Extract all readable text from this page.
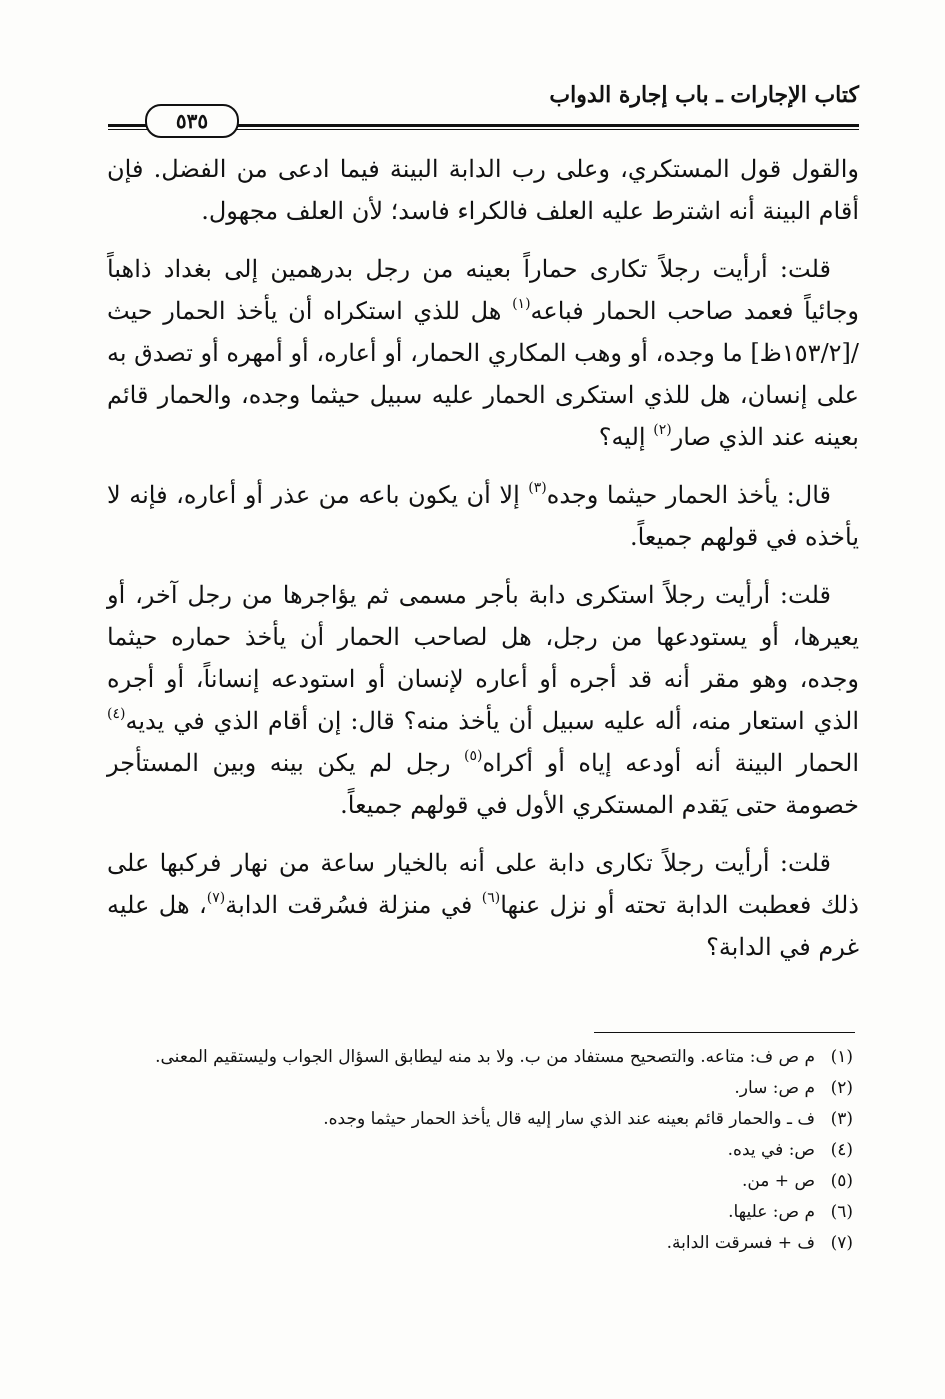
كتاب الإجارات ـ باب إجارة الدواب
٥٣٥

والقول قول المستكري، وعلى رب الدابة البينة فيما ادعى من الفضل. فإن أقام البينة أنه اشترط عليه العلف فالكراء فاسد؛ لأن العلف مجهول.

قلت: أرأيت رجلاً تكارى حماراً بعينه من رجل بدرهمين إلى بغداد ذاهباً وجائياً فعمد صاحب الحمار فباعه$^{(١)}$ هل للذي استكراه أن يأخذ الحمار حيث /[١٥٣/٢ظ] ما وجده، أو وهب المكاري الحمار، أو أعاره، أو أمهره أو تصدق به على إنسان، هل للذي استكرى الحمار عليه سبيل حيثما وجده، والحمار قائم بعينه عند الذي صار$^{(٢)}$ إليه؟

قال: يأخذ الحمار حيثما وجده$^{(٣)}$ إلا أن يكون باعه من عذر أو أعاره، فإنه لا يأخذه في قولهم جميعاً.

قلت: أرأيت رجلاً استكرى دابة بأجر مسمى ثم يؤاجرها من رجل آخر، أو يعيرها، أو يستودعها من رجل، هل لصاحب الحمار أن يأخذ حماره حيثما وجده، وهو مقر أنه قد أجره أو أعاره لإنسان أو استودعه إنساناً، أو أجره الذي استعار منه، أله عليه سبيل أن يأخذ منه؟ قال: إن أقام الذي في يديه$^{(٤)}$ الحمار البينة أنه أودعه إياه أو أكراه$^{(٥)}$ رجل لم يكن بينه وبين المستأجر خصومة حتى يَقدم المستكري الأول في قولهم جميعاً.

قلت: أرأيت رجلاً تكارى دابة على أنه بالخيار ساعة من نهار فركبها على ذلك فعطبت الدابة تحته أو نزل عنها$^{(٦)}$ في منزلة فسُرقت الدابة$^{(٧)}$، هل عليه غرم في الدابة؟

(١)
م ص ف: متاعه. والتصحيح مستفاد من ب. ولا بد منه ليطابق السؤال الجواب وليستقيم المعنى.
(٢)
م ص: سار.
(٣)
ف ـ والحمار قائم بعينه عند الذي سار إليه قال يأخذ الحمار حيثما وجده.
(٤)
ص: في يده.
(٥)
ص + من.
(٦)
م ص: عليها.
(٧)
ف + فسرقت الدابة.
